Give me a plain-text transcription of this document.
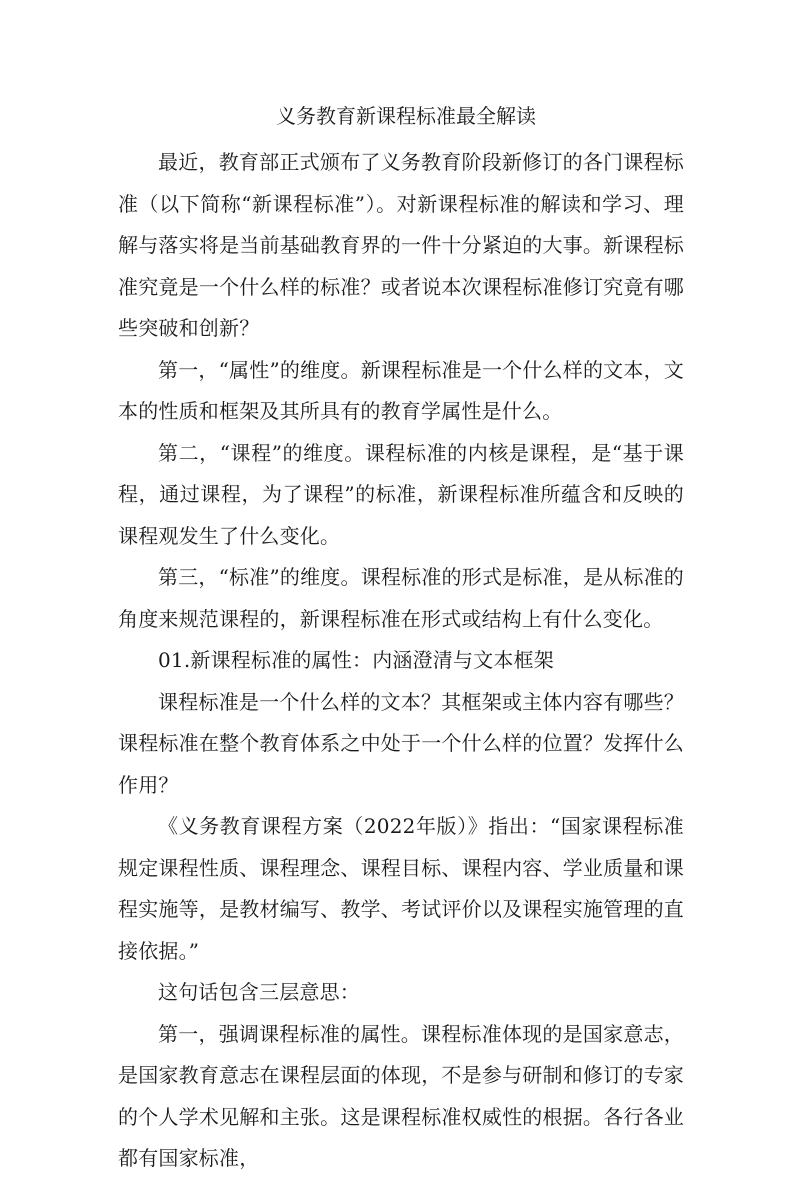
义务教育新课程标准最全解读

最近，教育部正式颁布了义务教育阶段新修订的各门课程标准（以下简称“新课程标准”）。对新课程标准的解读和学习、理解与落实将是当前基础教育界的一件十分紧迫的大事。新课程标准究竟是一个什么样的标准？或者说本次课程标准修订究竟有哪些突破和创新？

第一，“属性”的维度。新课程标准是一个什么样的文本，文本的性质和框架及其所具有的教育学属性是什么。

第二，“课程”的维度。课程标准的内核是课程，是“基于课程，通过课程，为了课程”的标准，新课程标准所蕴含和反映的课程观发生了什么变化。

第三，“标准”的维度。课程标准的形式是标准，是从标准的角度来规范课程的，新课程标准在形式或结构上有什么变化。

01.新课程标准的属性：内涵澄清与文本框架

课程标准是一个什么样的文本？其框架或主体内容有哪些？课程标准在整个教育体系之中处于一个什么样的位置？发挥什么作用？

《义务教育课程方案（2022年版）》指出：“国家课程标准规定课程性质、课程理念、课程目标、课程内容、学业质量和课程实施等，是教材编写、教学、考试评价以及课程实施管理的直接依据。”

这句话包含三层意思：

第一，强调课程标准的属性。课程标准体现的是国家意志，是国家教育意志在课程层面的体现，不是参与研制和修订的专家的个人学术见解和主张。这是课程标准权威性的根据。各行各业都有国家标准，
